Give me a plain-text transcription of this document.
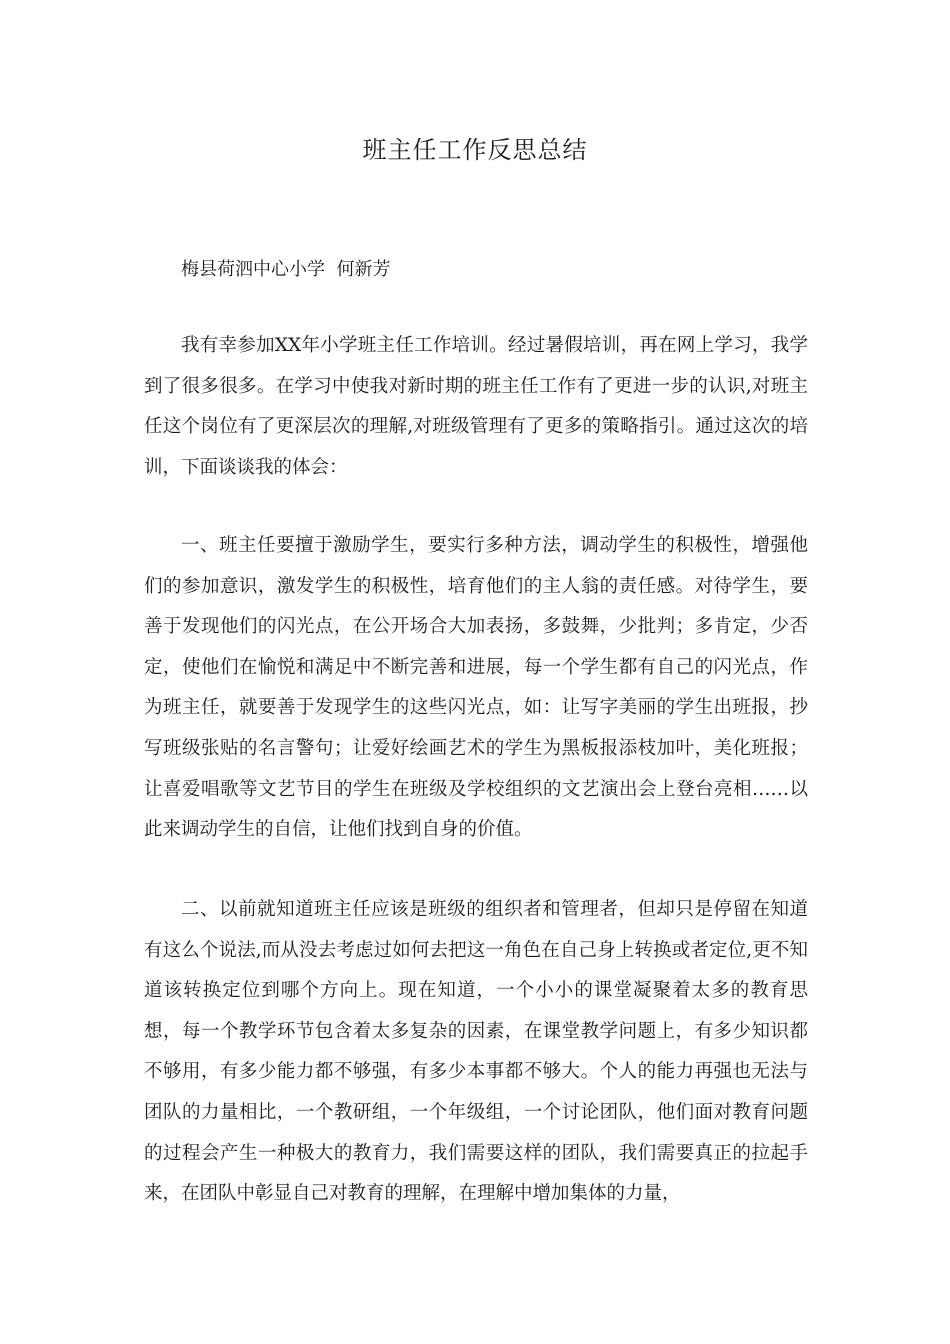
班主任工作反思总结
梅县荷泗中心小学  何新芳

我有幸参加XX年小学班主任工作培训。经过暑假培训，再在网上学习，我学到了很多很多。在学习中使我对新时期的班主任工作有了更进一步的认识,对班主任这个岗位有了更深层次的理解,对班级管理有了更多的策略指引。通过这次的培训，下面谈谈我的体会：

一、班主任要擅于激励学生，要实行多种方法，调动学生的积极性，增强他们的参加意识，激发学生的积极性，培育他们的主人翁的责任感。对待学生，要善于发现他们的闪光点，在公开场合大加表扬，多鼓舞，少批判；多肯定，少否定，使他们在愉悦和满足中不断完善和进展，每一个学生都有自己的闪光点，作为班主任，就要善于发现学生的这些闪光点，如：让写字美丽的学生出班报，抄写班级张贴的名言警句；让爱好绘画艺术的学生为黑板报添枝加叶，美化班报；让喜爱唱歌等文艺节目的学生在班级及学校组织的文艺演出会上登台亮相……以此来调动学生的自信，让他们找到自身的价值。

二、以前就知道班主任应该是班级的组织者和管理者，但却只是停留在知道有这么个说法,而从没去考虑过如何去把这一角色在自己身上转换或者定位,更不知道该转换定位到哪个方向上。现在知道，一个小小的课堂凝聚着太多的教育思想，每一个教学环节包含着太多复杂的因素，在课堂教学问题上，有多少知识都不够用，有多少能力都不够强，有多少本事都不够大。个人的能力再强也无法与团队的力量相比，一个教研组，一个年级组，一个讨论团队，他们面对教育问题的过程会产生一种极大的教育力，我们需要这样的团队，我们需要真正的拉起手来，在团队中彰显自己对教育的理解，在理解中增加集体的力量，
